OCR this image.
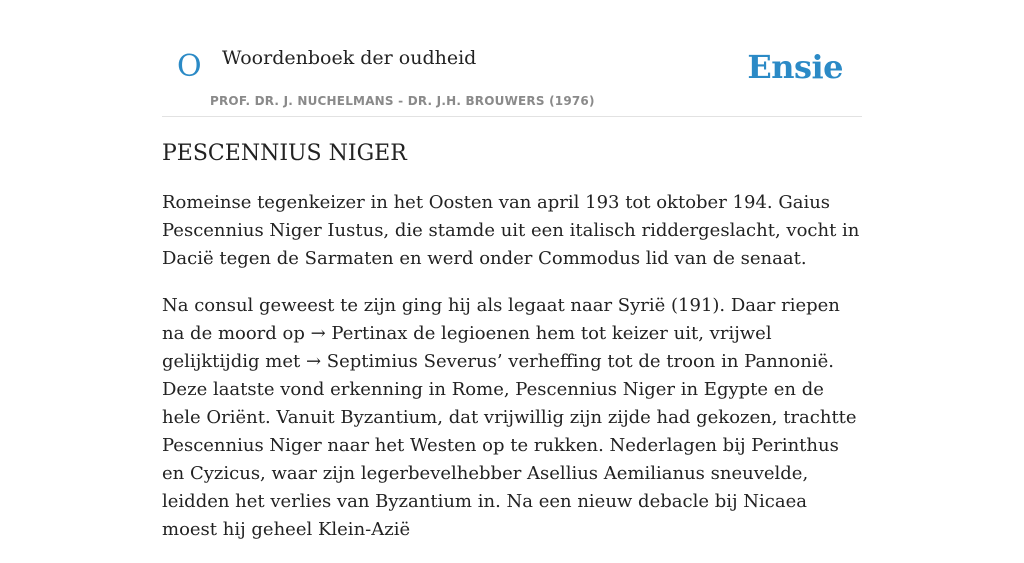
O Woordenboek der oudheid
PROF. DR. J. NUCHELMANS - DR. J.H. BROUWERS (1976)
Ensie
PESCENNIUS NIGER

Romeinse tegenkeizer in het Oosten van april 193 tot oktober 194. Gaius Pescennius Niger Iustus, die stamde uit een italisch riddergeslacht, vocht in Dacië tegen de Sarmaten en werd onder Commodus lid van de senaat.

Na consul geweest te zijn ging hij als legaat naar Syrië (191). Daar riepen na de moord op → Pertinax de legioenen hem tot keizer uit, vrijwel gelijktijdig met → Septimius Severus’ verheffing tot de troon in Pannonië. Deze laatste vond erkenning in Rome, Pescennius Niger in Egypte en de hele Oriënt. Vanuit Byzantium, dat vrijwillig zijn zijde had gekozen, trachtte Pescennius Niger naar het Westen op te rukken. Nederlagen bij Perinthus en Cyzicus, waar zijn legerbevelhebber Asellius Aemilianus sneuvelde, leidden het verlies van Byzantium in. Na een nieuw debacle bij Nicaea moest hij geheel Klein-Azië
